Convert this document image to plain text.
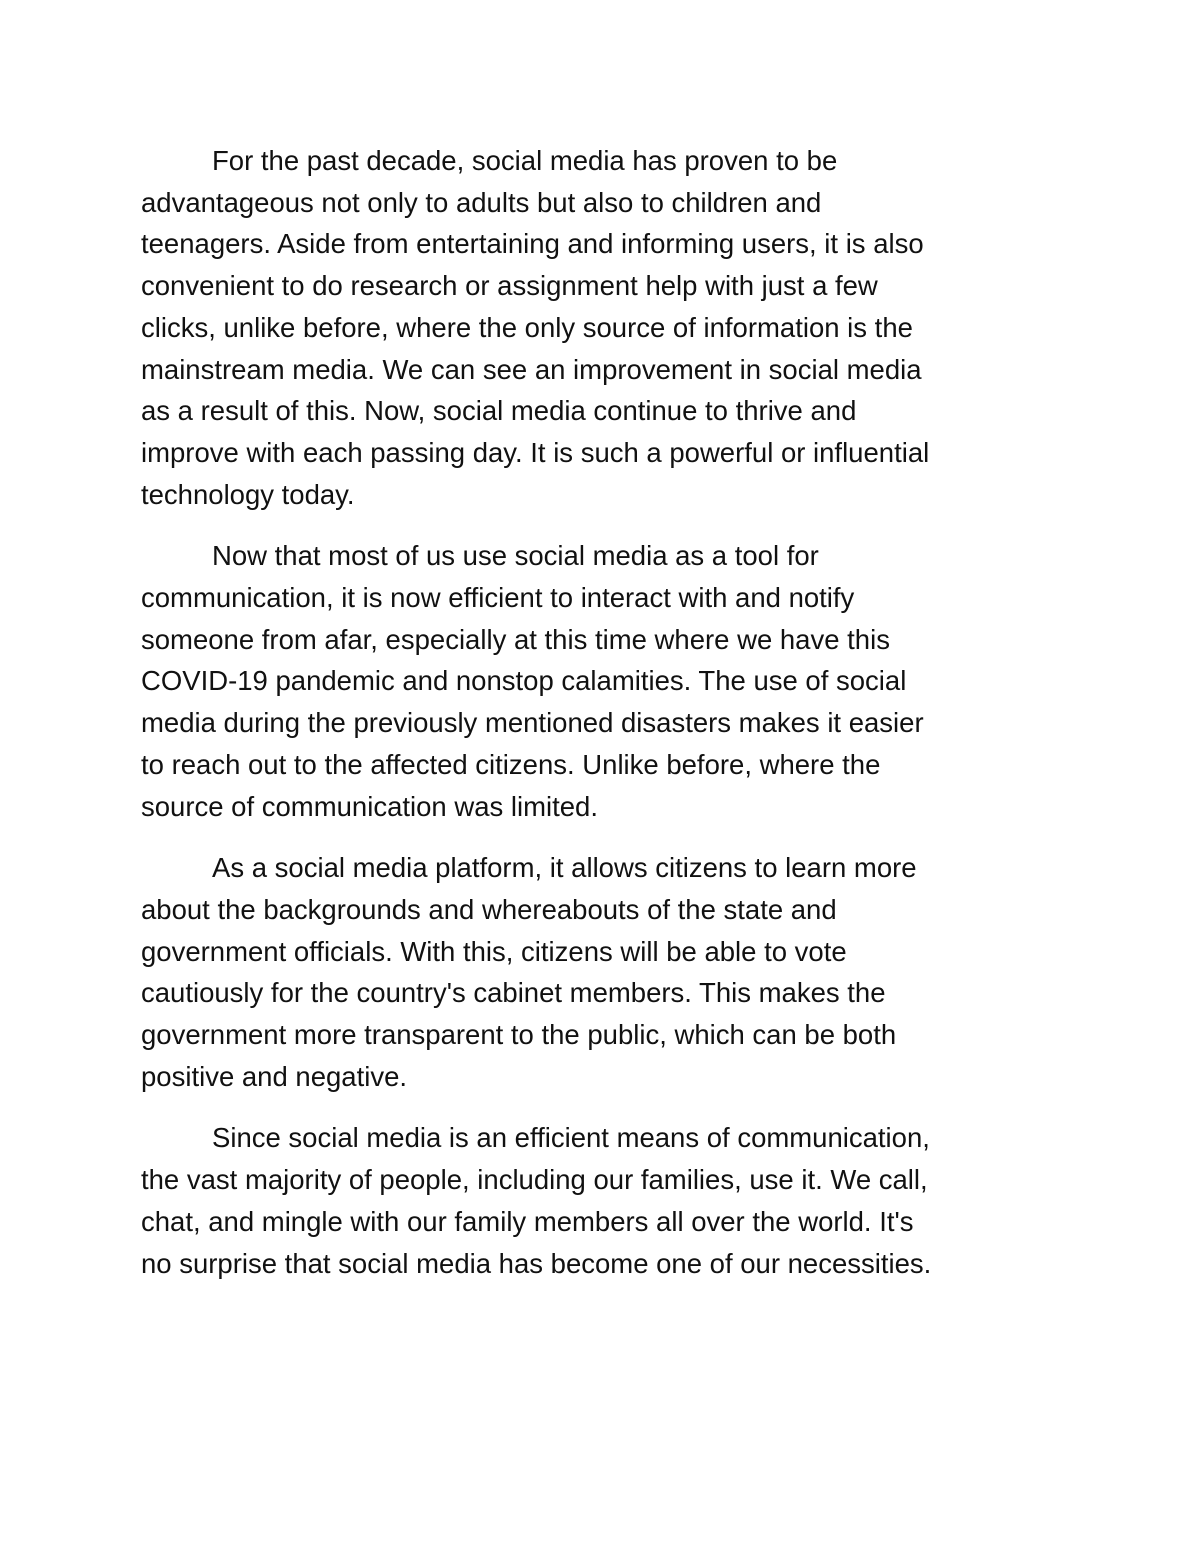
For the past decade, social media has proven to be
advantageous not only to adults but also to children and
teenagers. Aside from entertaining and informing users, it is also
convenient to do research or assignment help with just a few
clicks, unlike before, where the only source of information is the
mainstream media. We can see an improvement in social media
as a result of this. Now, social media continue to thrive and
improve with each passing day. It is such a powerful or influential
technology today.
Now that most of us use social media as a tool for
communication, it is now efficient to interact with and notify
someone from afar, especially at this time where we have this
COVID-19 pandemic and nonstop calamities. The use of social
media during the previously mentioned disasters makes it easier
to reach out to the affected citizens. Unlike before, where the
source of communication was limited.
As a social media platform, it allows citizens to learn more
about the backgrounds and whereabouts of the state and
government officials. With this, citizens will be able to vote
cautiously for the country's cabinet members. This makes the
government more transparent to the public, which can be both
positive and negative.
Since social media is an efficient means of communication,
the vast majority of people, including our families, use it. We call,
chat, and mingle with our family members all over the world. It's
no surprise that social media has become one of our necessities.
